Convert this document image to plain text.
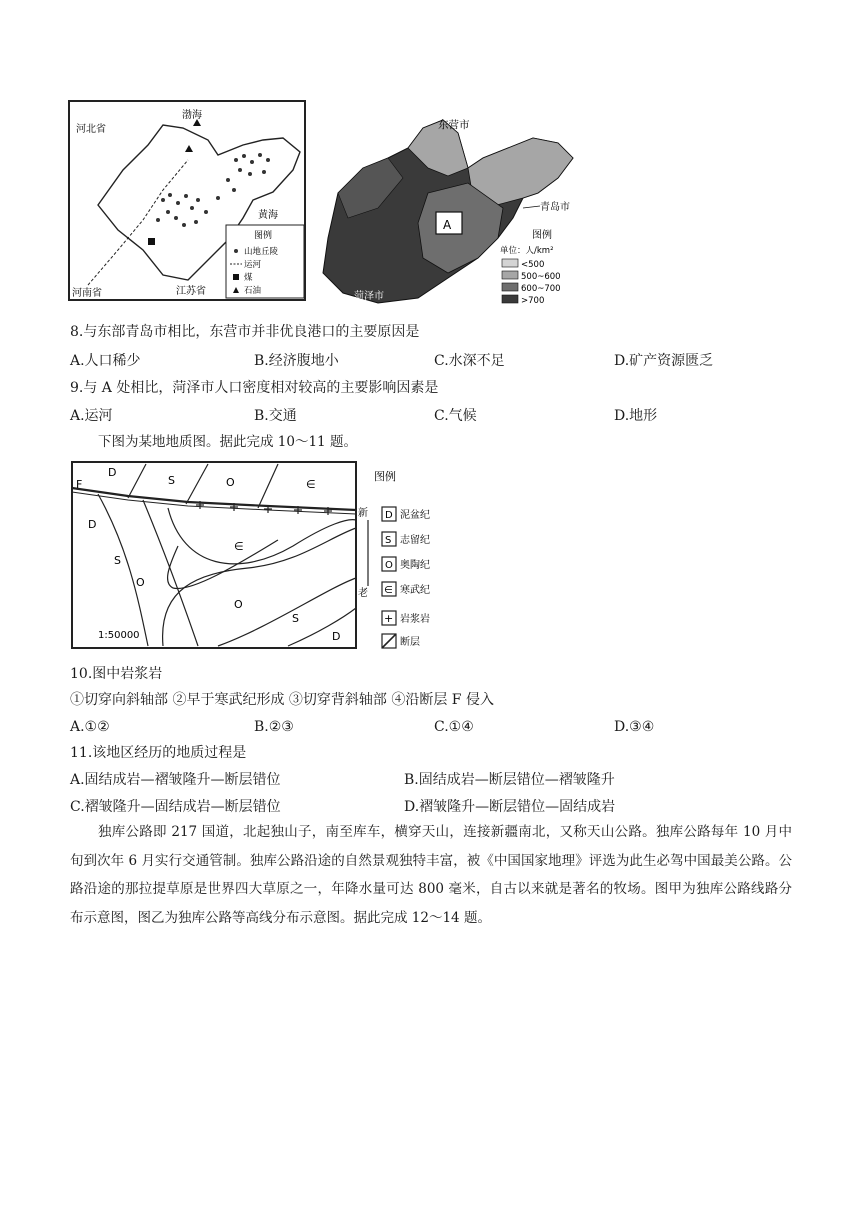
河北省
渤海
黄海
河南省	江苏省
图例
山地丘陵
运河
煤
石油
A
东营市
青岛市
菏泽市
图例
单位：人/km²
<500
500~600
600~700
>700
8.与东部青岛市相比，东营市并非优良港口的主要原因是
A.人口稀少	B.经济腹地小	C.水深不足	D.矿产资源匮乏
9.与 A 处相比，菏泽市人口密度相对较高的主要影响因素是
A.运河	B.交通	C.气候	D.地形
下图为某地地质图。据此完成 10～11 题。
F
D
S	O	∈
D
S
O
∈
O
S
D
1:50000
图例
新
老
D 泥盆纪
S 志留纪
O 奥陶纪
∈ 寒武纪
+ 岩浆岩
断层
10.图中岩浆岩
①切穿向斜轴部 ②早于寒武纪形成 ③切穿背斜轴部 ④沿断层 F 侵入
A.①②	B.②③	C.①④	D.③④
11.该地区经历的地质过程是
A.固结成岩—褶皱隆升—断层错位	B.固结成岩—断层错位—褶皱隆升
C.褶皱隆升—固结成岩—断层错位	D.褶皱隆升—断层错位—固结成岩
独库公路即 217 国道，北起独山子，南至库车，横穿天山，连接新疆南北，又称天山公路。独库公路每年 10 月中旬到次年 6 月实行交通管制。独库公路沿途的自然景观独特丰富，被《中国国家地理》评选为此生必驾中国最美公路。公路沿途的那拉提草原是世界四大草原之一，年降水量可达 800 毫米，自古以来就是著名的牧场。图甲为独库公路线路分布示意图，图乙为独库公路等高线分布示意图。据此完成 12～14 题。
